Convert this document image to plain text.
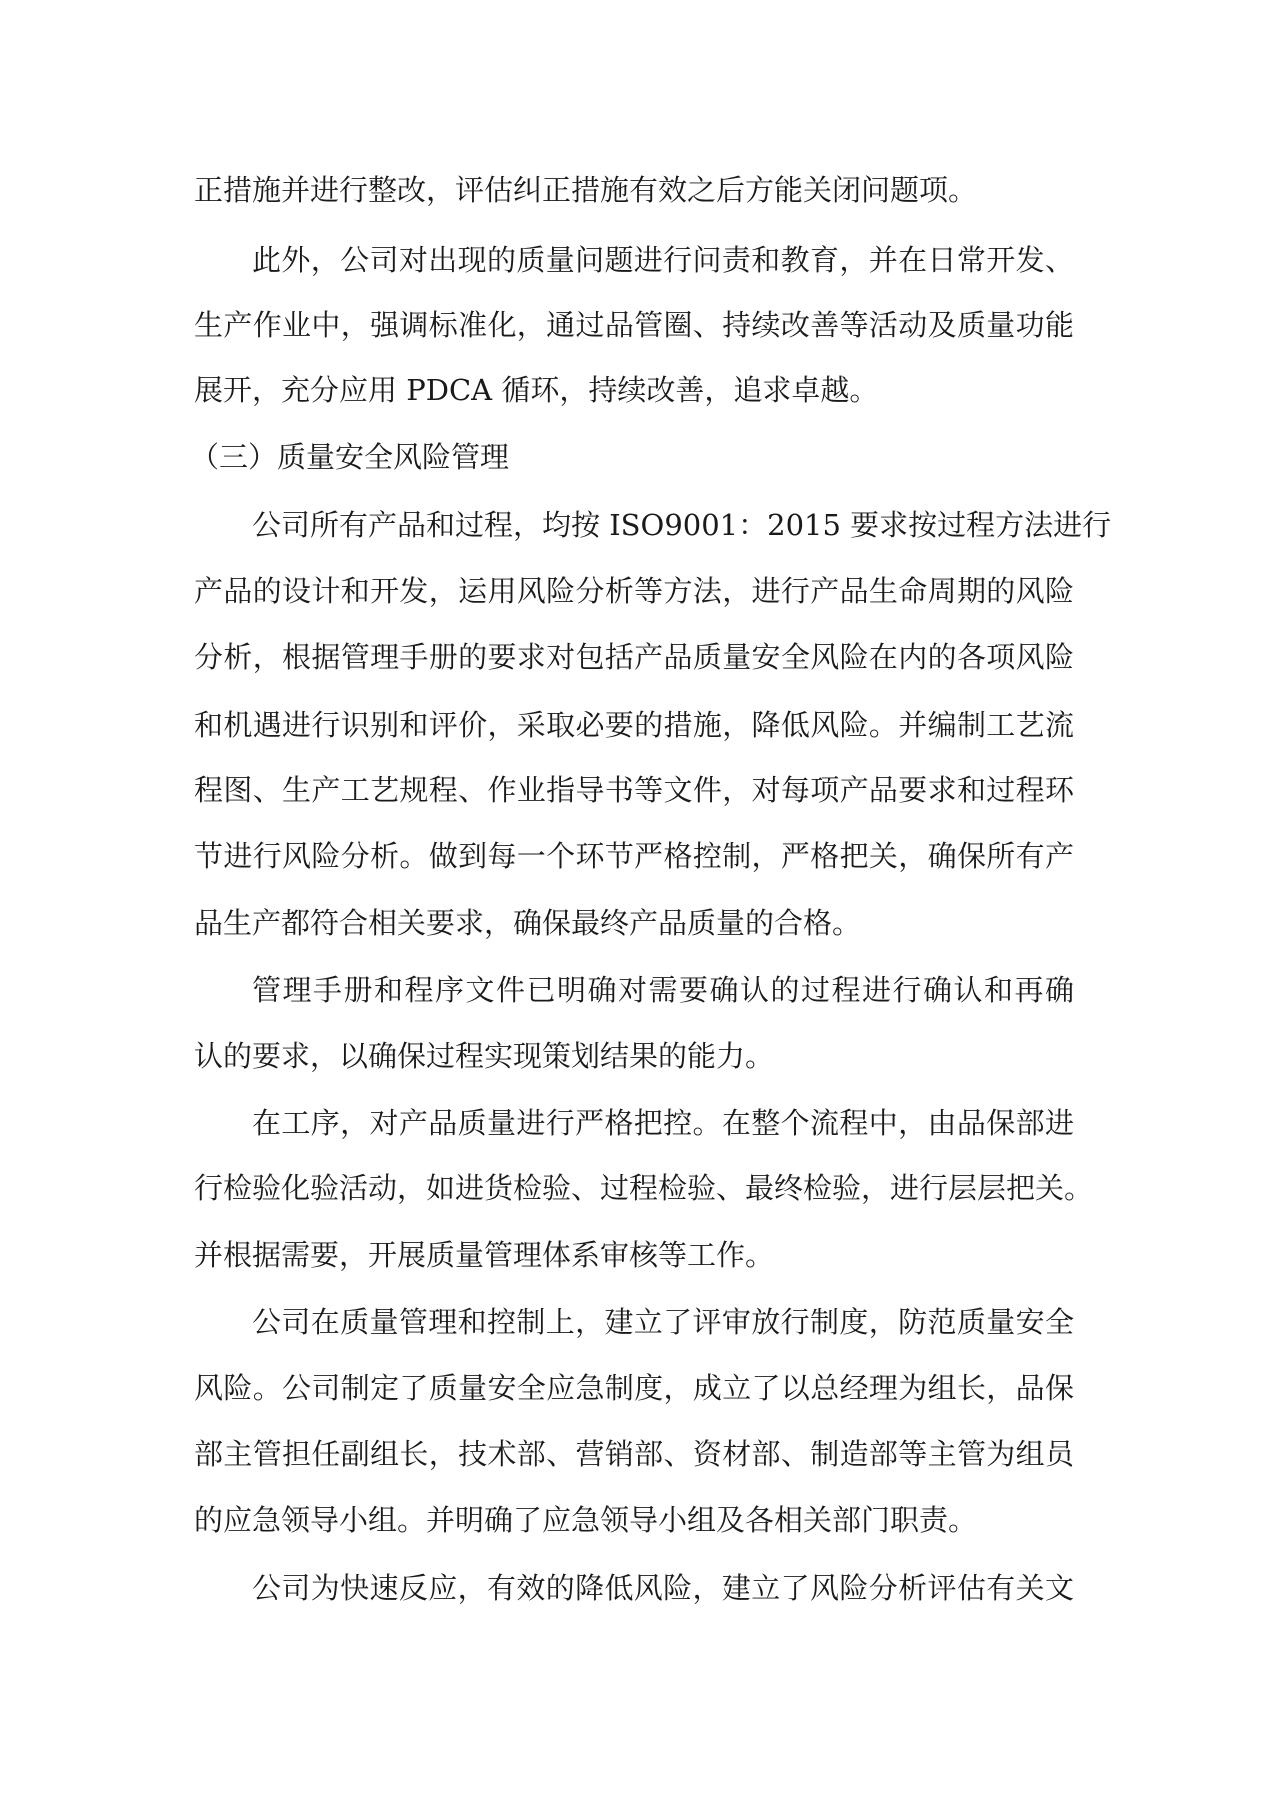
正措施并进行整改，评估纠正措施有效之后方能关闭问题项。
此外，公司对出现的质量问题进行问责和教育，并在日常开发、
生产作业中，强调标准化，通过品管圈、持续改善等活动及质量功能
展开，充分应用 PDCA 循环，持续改善，追求卓越。
（三）质量安全风险管理
公司所有产品和过程，均按 ISO9001：2015 要求按过程方法进行
产品的设计和开发，运用风险分析等方法，进行产品生命周期的风险
分析，根据管理手册的要求对包括产品质量安全风险在内的各项风险
和机遇进行识别和评价，采取必要的措施，降低风险。并编制工艺流
程图、生产工艺规程、作业指导书等文件，对每项产品要求和过程环
节进行风险分析。做到每一个环节严格控制，严格把关，确保所有产
品生产都符合相关要求，确保最终产品质量的合格。
管理手册和程序文件已明确对需要确认的过程进行确认和再确
认的要求，以确保过程实现策划结果的能力。
在工序，对产品质量进行严格把控。在整个流程中，由品保部进
行检验化验活动，如进货检验、过程检验、最终检验，进行层层把关。
并根据需要，开展质量管理体系审核等工作。
公司在质量管理和控制上，建立了评审放行制度，防范质量安全
风险。公司制定了质量安全应急制度，成立了以总经理为组长，品保
部主管担任副组长，技术部、营销部、资材部、制造部等主管为组员
的应急领导小组。并明确了应急领导小组及各相关部门职责。
公司为快速反应，有效的降低风险，建立了风险分析评估有关文
